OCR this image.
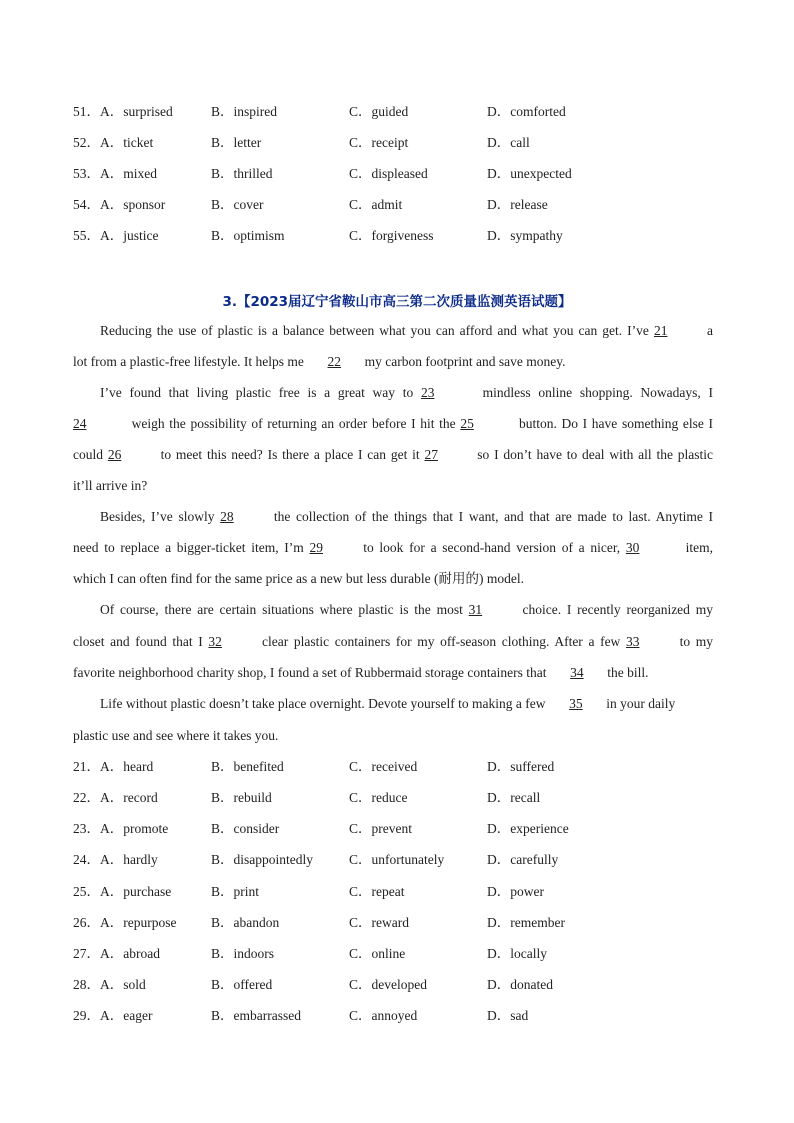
51．A．surprised	B．inspired	C．guided	D．comforted
52．A．ticket	B．letter	C．receipt	D．call
53．A．mixed	B．thrilled	C．displeased	D．unexpected
54．A．sponsor	B．cover	C．admit	D．release
55．A．justice	B．optimism	C．forgiveness	D．sympathy
3.【2023届辽宁省鞍山市高三第二次质量监测英语试题】
Reducing the use of plastic is a balance between what you can afford and what you can get. I’ve 21	a
lot from a plastic-free lifestyle. It helps me 22 my carbon footprint and save money.
I’ve found that living plastic free is a great way to 23	mindless online shopping. Nowadays, I
24	weigh the possibility of returning an order before I hit the 25	button. Do I have something else I
could 26	to meet this need? Is there a place I can get it 27	so I don’t have to deal with all the plastic
it’ll arrive in?
Besides, I’ve slowly 28	the collection of the things that I want, and that are made to last. Anytime I
need to replace a bigger-ticket item, I’m 29	to look for a second-hand version of a nicer, 30	item,
which I can often find for the same price as a new but less durable (耐用的) model.
Of course, there are certain situations where plastic is the most 31	choice. I recently reorganized my
closet and found that I 32	clear plastic containers for my off-season clothing. After a few 33	to my
favorite neighborhood charity shop, I found a set of Rubbermaid storage containers that 34 the bill.
Life without plastic doesn’t take place overnight. Devote yourself to making a few 35 in your daily
plastic use and see where it takes you.
21．A．heard	B．benefited	C．received	D．suffered
22．A．record	B．rebuild	C．reduce	D．recall
23．A．promote	B．consider	C．prevent	D．experience
24．A．hardly	B．disappointedly	C．unfortunately	D．carefully
25．A．purchase	B．print	C．repeat	D．power
26．A．repurpose	B．abandon	C．reward	D．remember
27．A．abroad	B．indoors	C．online	D．locally
28．A．sold	B．offered	C．developed	D．donated
29．A．eager	B．embarrassed	C．annoyed	D．sad
